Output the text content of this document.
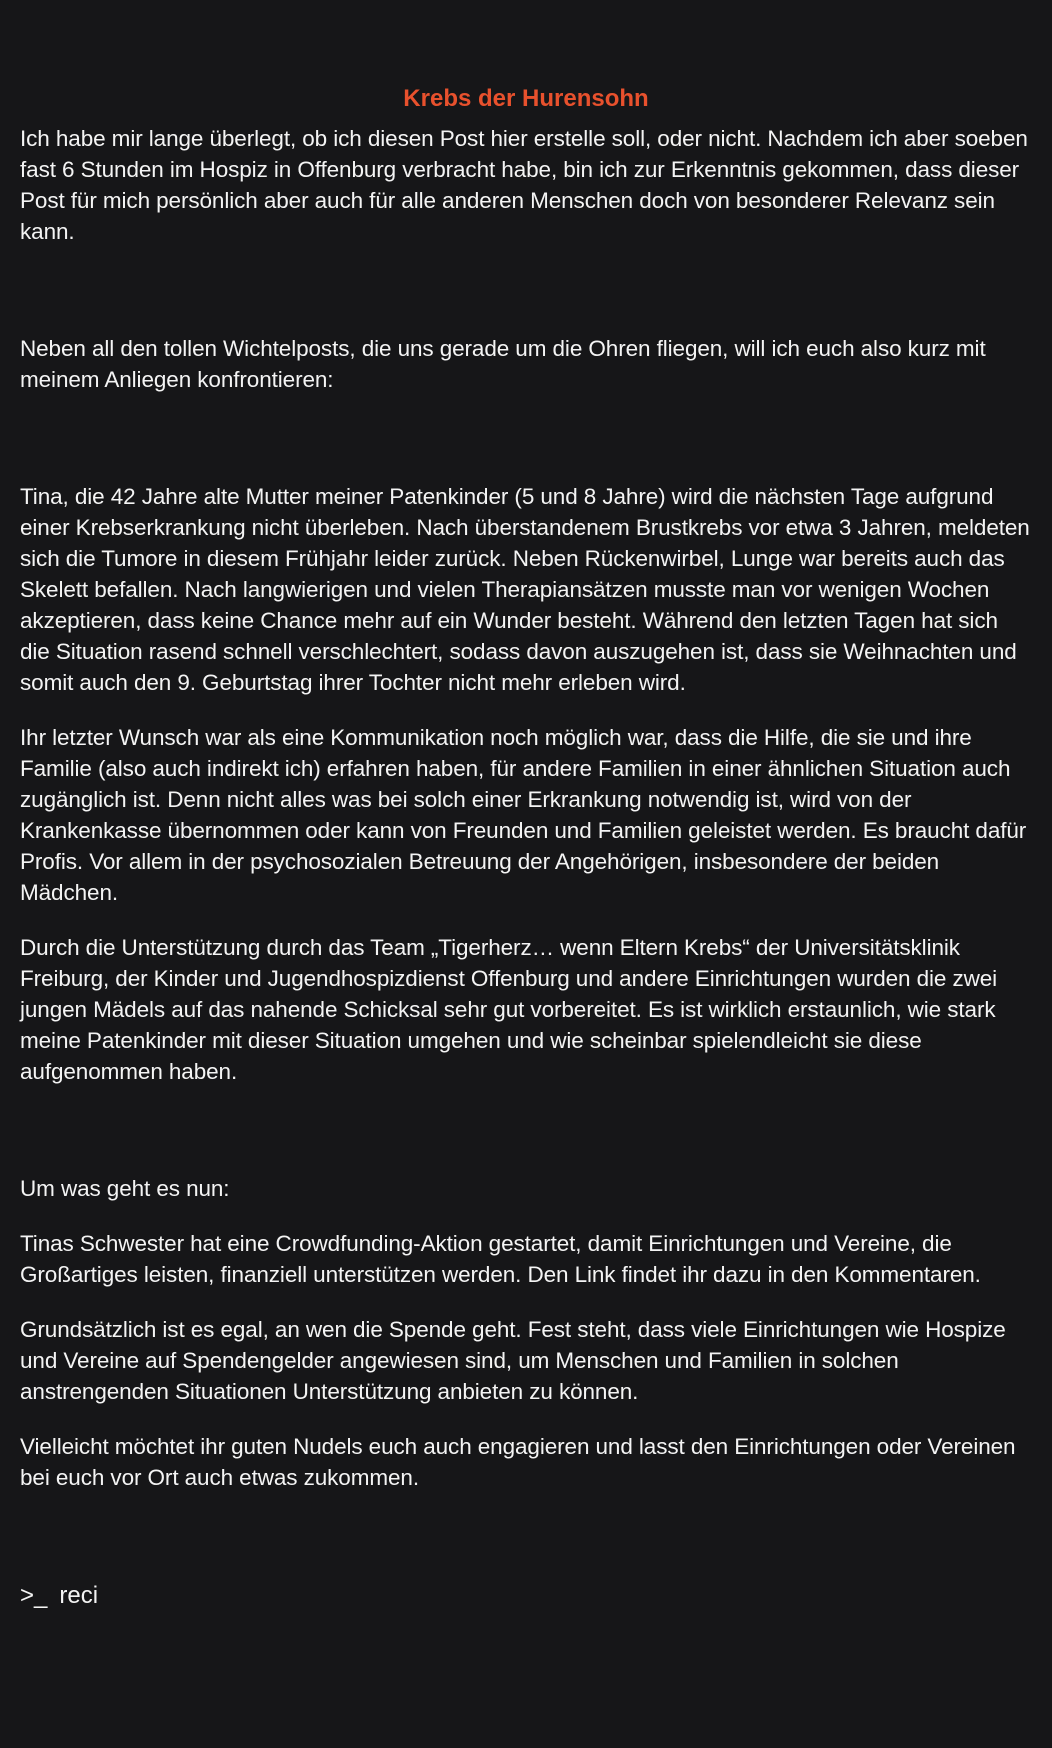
Krebs der Hurensohn

Ich habe mir lange überlegt, ob ich diesen Post hier erstelle soll, oder nicht. Nachdem ich aber soeben fast 6 Stunden im Hospiz in Offenburg verbracht habe, bin ich zur Erkenntnis gekommen, dass dieser Post für mich persönlich aber auch für alle anderen Menschen doch von besonderer Relevanz sein kann.

Neben all den tollen Wichtelposts, die uns gerade um die Ohren fliegen, will ich euch also kurz mit meinem Anliegen konfrontieren:

Tina, die 42 Jahre alte Mutter meiner Patenkinder (5 und 8 Jahre) wird die nächsten Tage aufgrund einer Krebserkrankung nicht überleben. Nach überstandenem Brustkrebs vor etwa 3 Jahren, meldeten sich die Tumore in diesem Frühjahr leider zurück. Neben Rückenwirbel, Lunge war bereits auch das Skelett befallen. Nach langwierigen und vielen Therapiansätzen musste man vor wenigen Wochen akzeptieren, dass keine Chance mehr auf ein Wunder besteht. Während den letzten Tagen hat sich die Situation rasend schnell verschlechtert, sodass davon auszugehen ist, dass sie Weihnachten und somit auch den 9. Geburtstag ihrer Tochter nicht mehr erleben wird.

Ihr letzter Wunsch war als eine Kommunikation noch möglich war, dass die Hilfe, die sie und ihre Familie (also auch indirekt ich) erfahren haben, für andere Familien in einer ähnlichen Situation auch zugänglich ist. Denn nicht alles was bei solch einer Erkrankung notwendig ist, wird von der Krankenkasse übernommen oder kann von Freunden und Familien geleistet werden. Es braucht dafür Profis. Vor allem in der psychosozialen Betreuung der Angehörigen, insbesondere der beiden Mädchen.

Durch die Unterstützung durch das Team „Tigerherz… wenn Eltern Krebs“ der Universitätsklinik Freiburg, der Kinder und Jugendhospizdienst Offenburg und andere Einrichtungen wurden die zwei jungen Mädels auf das nahende Schicksal sehr gut vorbereitet. Es ist wirklich erstaunlich, wie stark meine Patenkinder mit dieser Situation umgehen und wie scheinbar spielendleicht sie diese aufgenommen haben.

Um was geht es nun:

Tinas Schwester hat eine Crowdfunding-Aktion gestartet, damit Einrichtungen und Vereine, die Großartiges leisten, finanziell unterstützen werden. Den Link findet ihr dazu in den Kommentaren.

Grundsätzlich ist es egal, an wen die Spende geht. Fest steht, dass viele Einrichtungen wie Hospize und Vereine auf Spendengelder angewiesen sind, um Menschen und Familien in solchen anstrengenden Situationen Unterstützung anbieten zu können.

Vielleicht möchtet ihr guten Nudels euch auch engagieren und lasst den Einrichtungen oder Vereinen bei euch vor Ort auch etwas zukommen.

>_ reci
